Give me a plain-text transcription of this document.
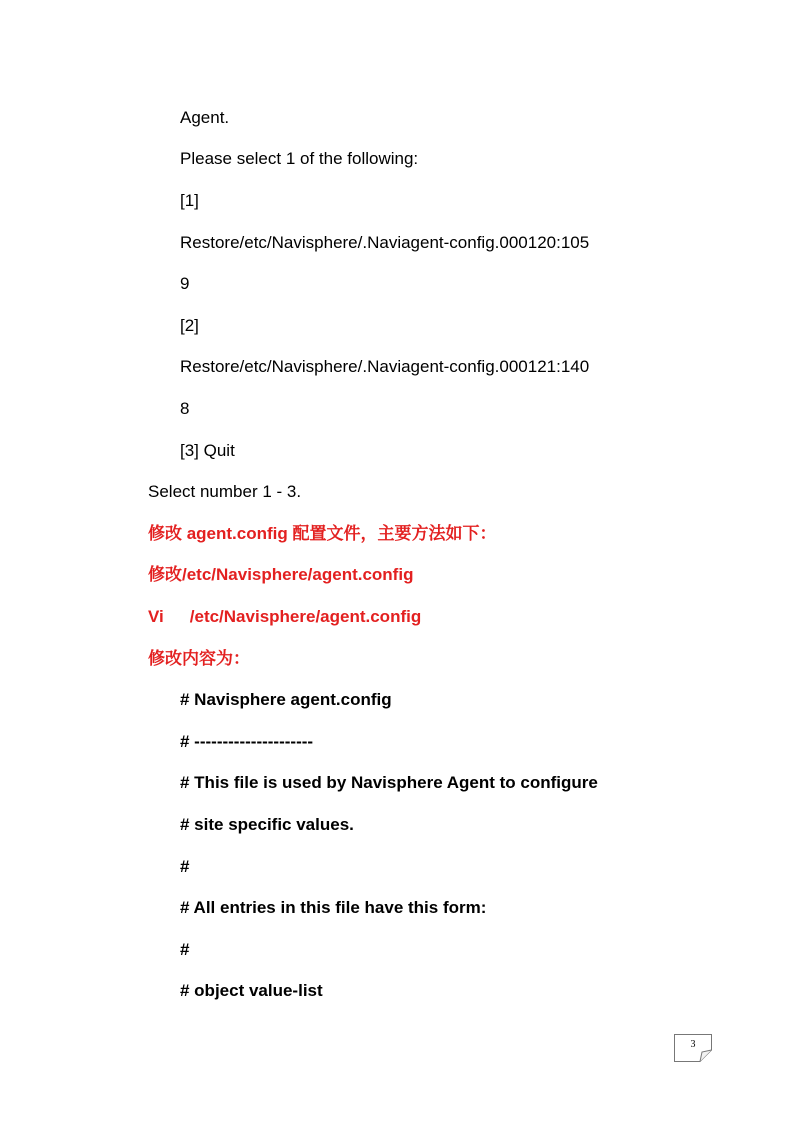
Agent.
Please select 1 of the following:
[1]
Restore/etc/Navisphere/.Naviagent-config.000120:105
9
[2]
Restore/etc/Navisphere/.Naviagent-config.000121:140
8
[3] Quit
Select number 1 - 3.
修改 agent.config 配置文件，主要方法如下：
修改/etc/Navisphere/agent.config
Vi /etc/Navisphere/agent.config
修改内容为：
# Navisphere agent.config
# ---------------------
# This file is used by Navisphere Agent to configure
# site specific values.
#
# All entries in this file have this form:
#
# object value-list
3
